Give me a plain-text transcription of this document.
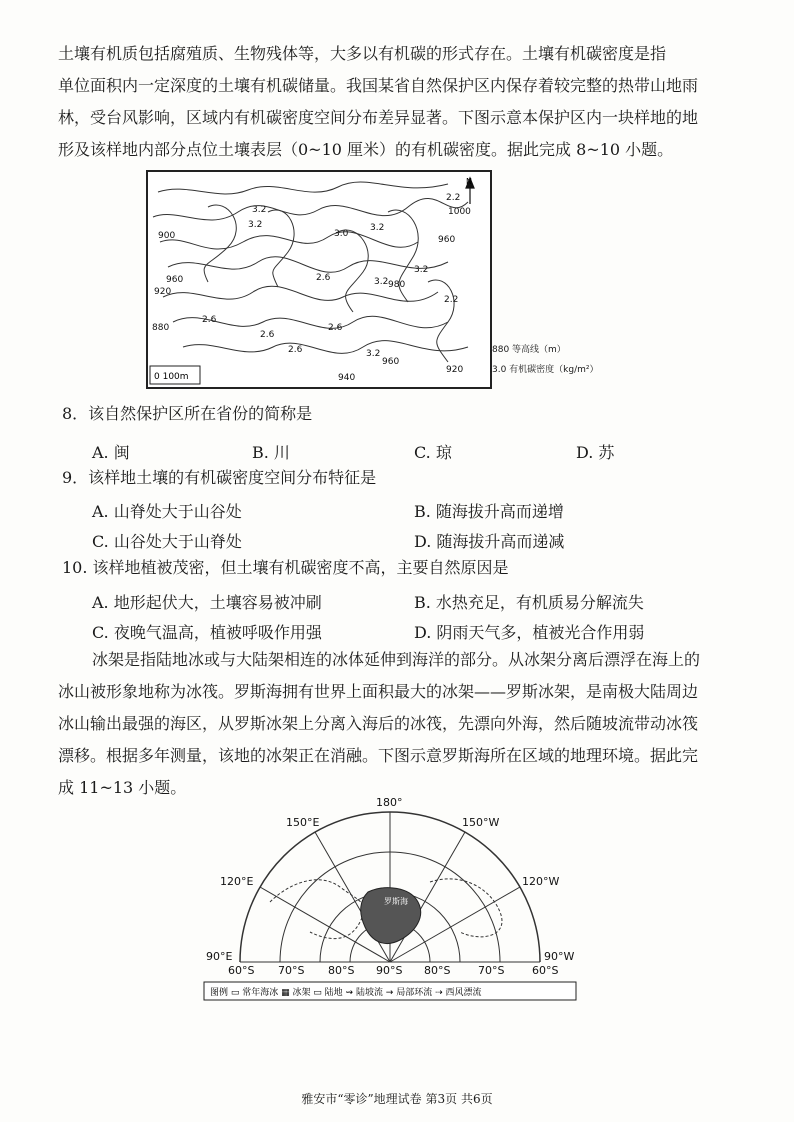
土壤有机质包括腐殖质、生物残体等，大多以有机碳的形式存在。土壤有机碳密度是指
单位面积内一定深度的土壤有机碳储量。我国某省自然保护区内保存着较完整的热带山地雨
林，受台风影响，区域内有机碳密度空间分布差异显著。下图示意本保护区内一块样地的地
形及该样地内部分点位土壤表层（0~10 厘米）的有机碳密度。据此完成 8~10 小题。
900
960
920
880
1000
960
980
940
920
960
3.2
3.2
3.0
3.2
2.6
3.2
3.2
2.2
2.6
2.6
2.6
2.6
3.2
2.2
N
0 100m
880 等高线（m）
3.0 有机碳密度（kg/m²）
8．该自然保护区所在省份的简称是
A. 闽	B. 川	C. 琼	D. 苏
9．该样地土壤的有机碳密度空间分布特征是
A. 山脊处大于山谷处	B. 随海拔升高而递增
C. 山谷处大于山脊处	D. 随海拔升高而递减
10. 该样地植被茂密，但土壤有机碳密度不高，主要自然原因是
A. 地形起伏大，土壤容易被冲刷	B. 水热充足，有机质易分解流失
C. 夜晚气温高，植被呼吸作用强	D. 阴雨天气多，植被光合作用弱
冰架是指陆地冰或与大陆架相连的冰体延伸到海洋的部分。从冰架分离后漂浮在海上的
冰山被形象地称为冰筏。罗斯海拥有世界上面积最大的冰架——罗斯冰架，是南极大陆周边
冰山输出最强的海区，从罗斯冰架上分离入海后的冰筏，先漂向外海，然后随坡流带动冰筏
漂移。根据多年测量，该地的冰架正在消融。下图示意罗斯海所在区域的地理环境。据此完
成 11~13 小题。
180°
150°E	150°W
120°E	120°W
90°E	90°W
60°S 70°S 80°S 90°S 80°S	70°S	60°S
罗斯海
图例 ▭ 常年海冰 ▦ 冰架 ▭ 陆地 ⇝ 陆坡流 → 局部环流 ⇢ 西风漂流
雅安市“零诊”地理试卷 第3页 共6页
